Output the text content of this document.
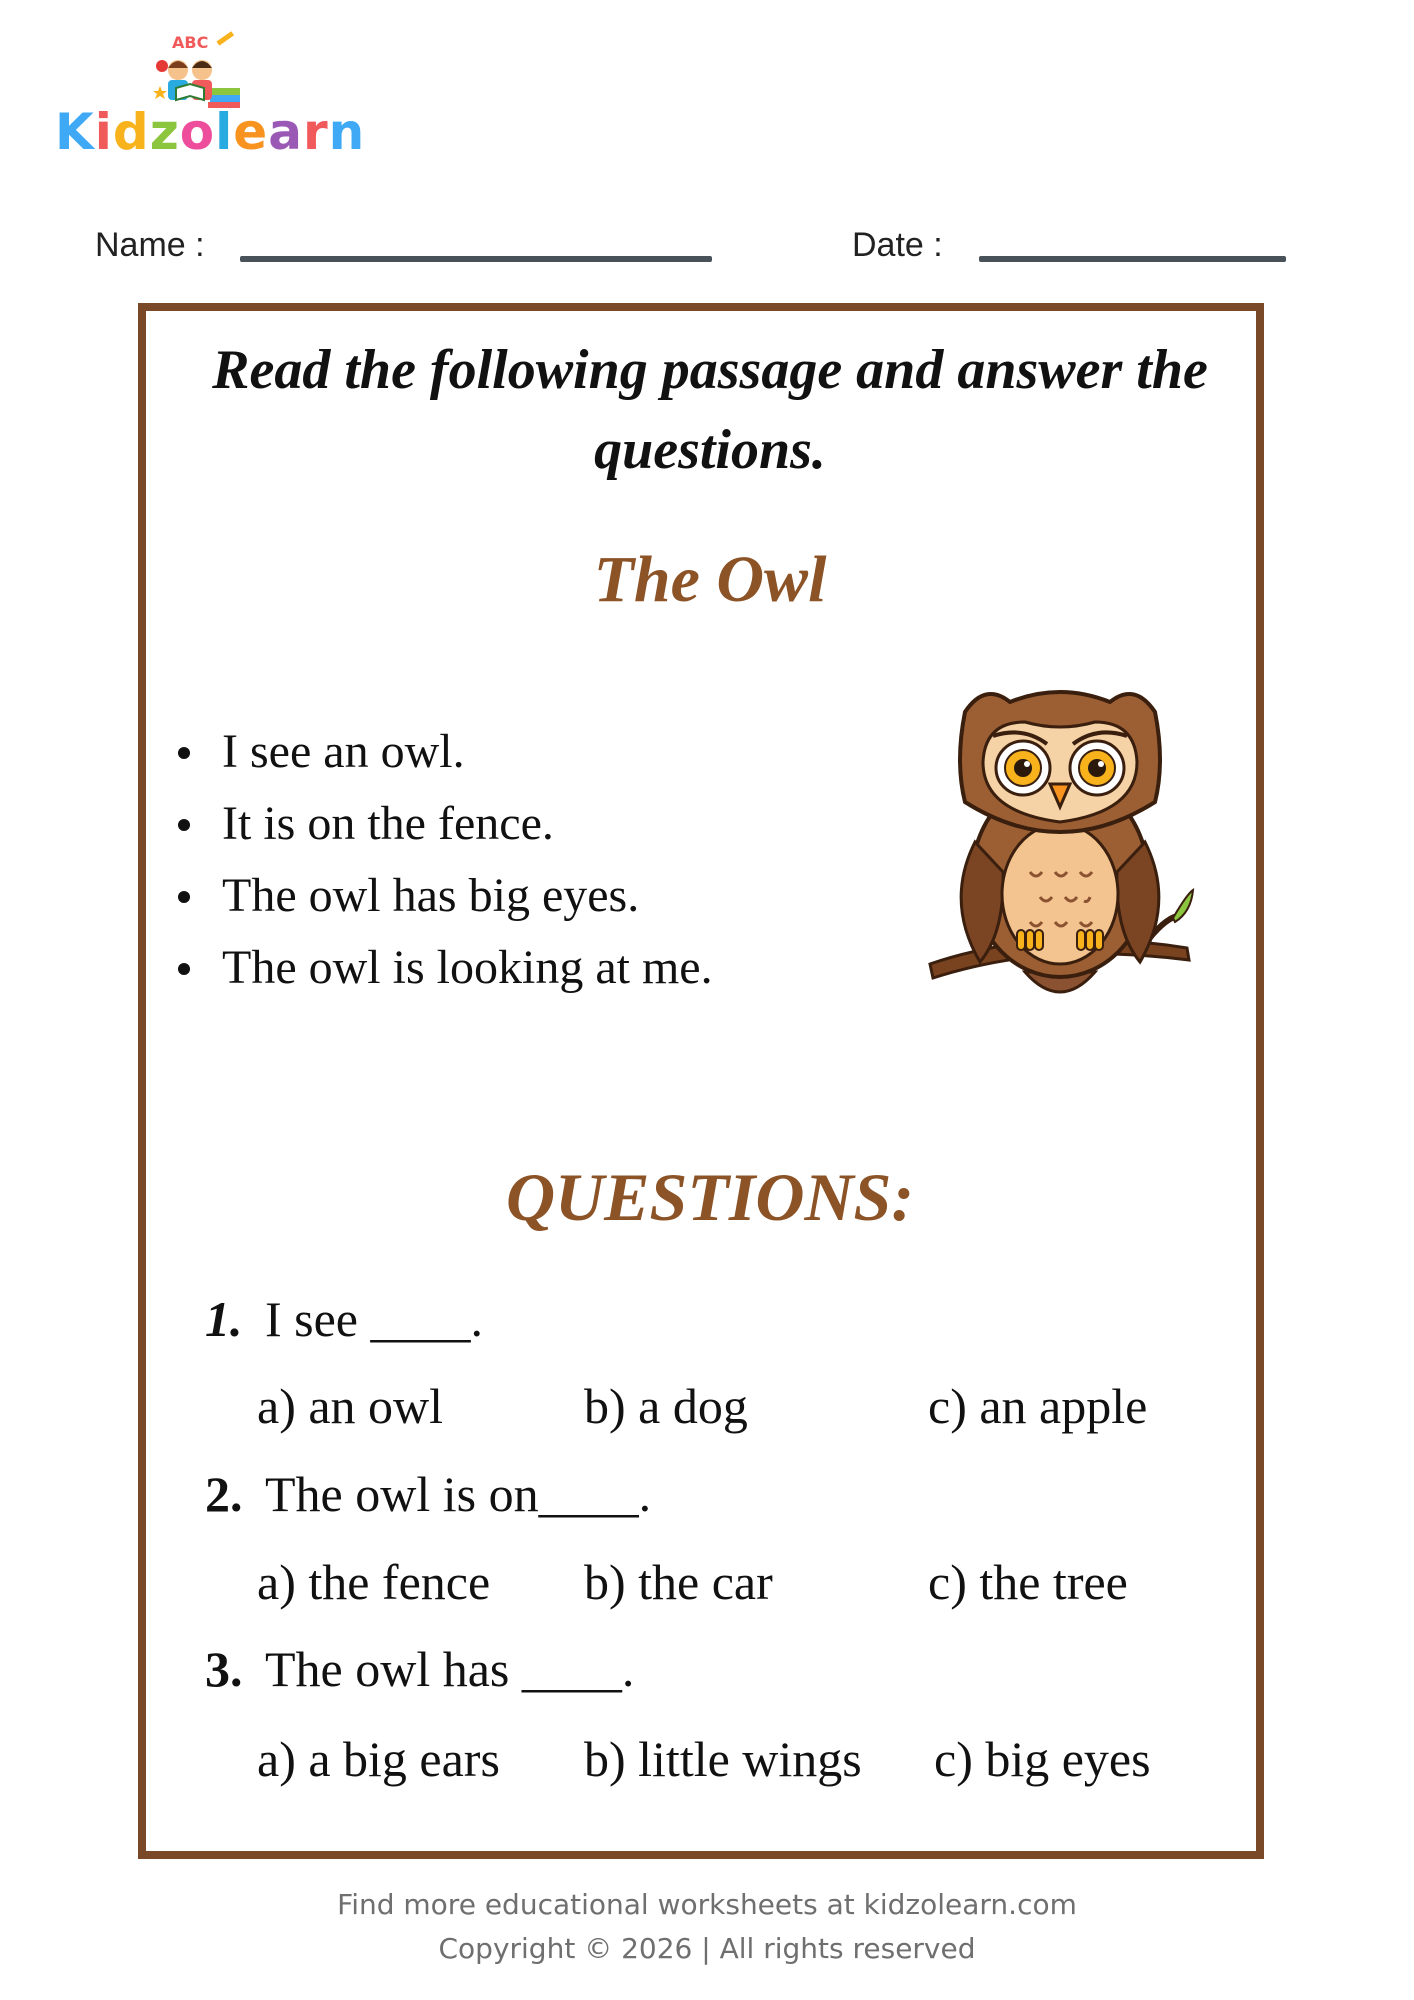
ABC
Kidzolearn
Name :	Date :
Read the following passage and answer the questions.
The Owl
I see an owl.
It is on the fence.
The owl has big eyes.
The owl is looking at me.
QUESTIONS:
1. I see ____.
a) an owl	b) a dog	c) an apple
2. The owl is on____.
a) the fence b) the car	c) the tree
3. The owl has ____.
a) a big ears b) little wings c) big eyes
Find more educational worksheets at kidzolearn.com
Copyright © 2026 | All rights reserved
